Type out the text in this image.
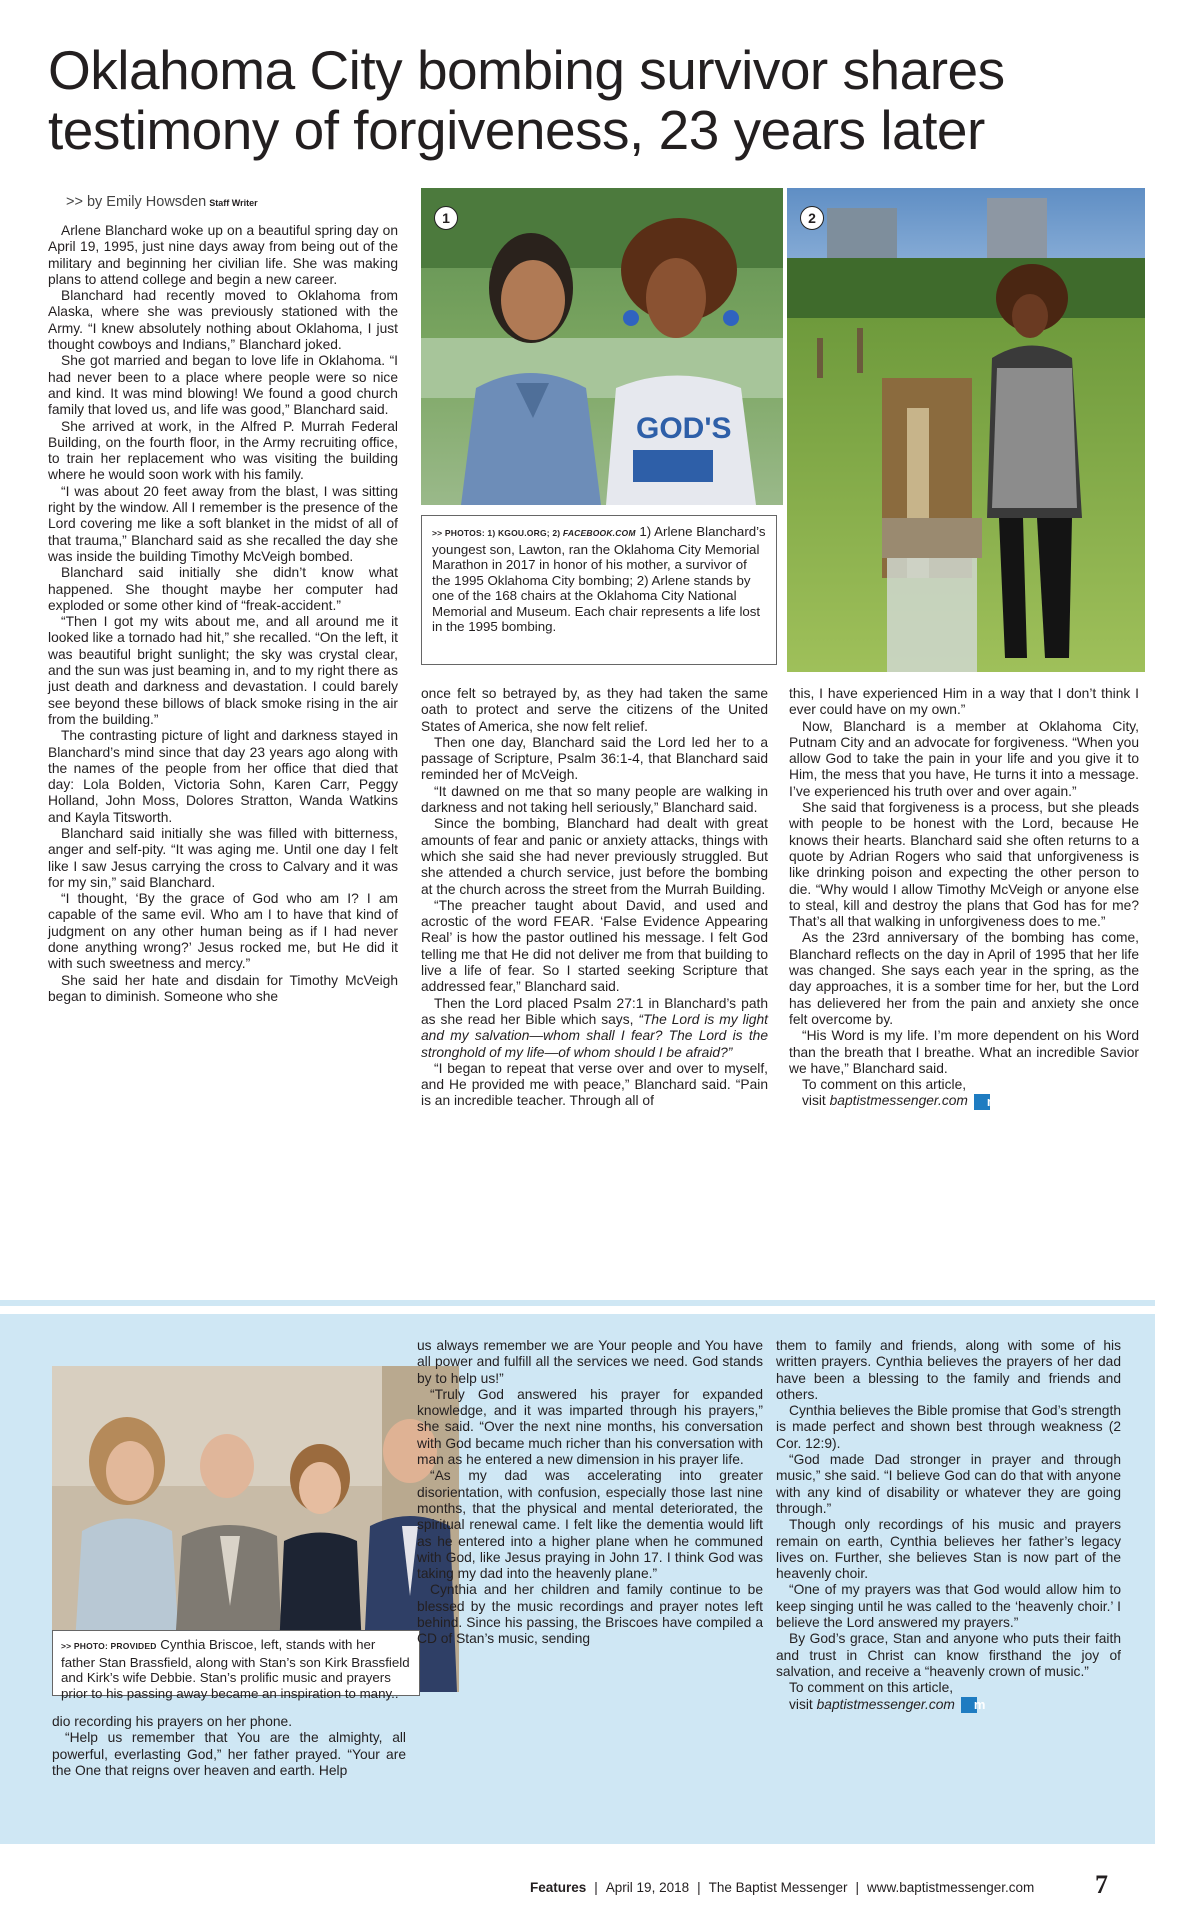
Oklahoma City bombing survivor shares testimony of forgiveness, 23 years later
>> by Emily Howsden Staff Writer
GOD'S
1	2
>> PHOTOS: 1) KGOU.ORG; 2) FACEBOOK.COM 1) Arlene Blanchard’s youngest son, Lawton, ran the Oklahoma City Memorial Marathon in 2017 in honor of his mother, a survivor of the 1995 Oklahoma City bombing; 2) Arlene stands by one of the 168 chairs at the Oklahoma City National Memorial and Museum. Each chair represents a life lost in the 1995 bombing.

Arlene Blanchard woke up on a beautiful spring day on April 19, 1995, just nine days away from being out of the military and beginning her civilian life. She was making plans to attend college and begin a new career.

Blanchard had recently moved to Oklahoma from Alaska, where she was previously stationed with the Army. “I knew absolutely nothing about Oklahoma, I just thought cowboys and Indians,” Blanchard joked.

She got married and began to love life in Oklahoma. “I had never been to a place where people were so nice and kind. It was mind blowing! We found a good church family that loved us, and life was good,” Blanchard said.

She arrived at work, in the Alfred P. Murrah Federal Building, on the fourth floor, in the Army recruiting office, to train her replacement who was visiting the building where he would soon work with his family.

“I was about 20 feet away from the blast, I was sitting right by the window. All I remember is the presence of the Lord covering me like a soft blanket in the midst of all of that trauma,” Blanchard said as she recalled the day she was inside the building Timothy McVeigh bombed.

Blanchard said initially she didn’t know what happened. She thought maybe her computer had exploded or some other kind of “freak-accident.”

“Then I got my wits about me, and all around me it looked like a tornado had hit,” she recalled. “On the left, it was beautiful bright sunlight; the sky was crystal clear, and the sun was just beaming in, and to my right there as just death and darkness and devastation. I could barely see beyond these billows of black smoke rising in the air from the building.”

The contrasting picture of light and darkness stayed in Blanchard’s mind since that day 23 years ago along with the names of the people from her office that died that day: Lola Bolden, Victoria Sohn, Karen Carr, Peggy Holland, John Moss, Dolores Stratton, Wanda Watkins and Kayla Titsworth.

Blanchard said initially she was filled with bitterness, anger and self-pity. “It was aging me. Until one day I felt like I saw Jesus carrying the cross to Calvary and it was for my sin,” said Blanchard.

“I thought, ‘By the grace of God who am I? I am capable of the same evil. Who am I to have that kind of judgment on any other human being as if I had never done anything wrong?’ Jesus rocked me, but He did it with such sweetness and mercy.”

She said her hate and disdain for Timothy McVeigh began to diminish. Someone who she

once felt so betrayed by, as they had taken the same oath to protect and serve the citizens of the United States of America, she now felt relief.

Then one day, Blanchard said the Lord led her to a passage of Scripture, Psalm 36:1-4, that Blanchard said reminded her of McVeigh.

“It dawned on me that so many people are walking in darkness and not taking hell seriously,” Blanchard said.

Since the bombing, Blanchard had dealt with great amounts of fear and panic or anxiety attacks, things with which she said she had never previously struggled. But she attended a church service, just before the bombing at the church across the street from the Murrah Building.

“The preacher taught about David, and used and acrostic of the word FEAR. ‘False Evidence Appearing Real’ is how the pastor outlined his message. I felt God telling me that He did not deliver me from that building to live a life of fear. So I started seeking Scripture that addressed fear,” Blanchard said.

Then the Lord placed Psalm 27:1 in Blanchard’s path as she read her Bible which says, “The Lord is my light and my salvation—whom shall I fear? The Lord is the stronghold of my life—of whom should I be afraid?”

“I began to repeat that verse over and over to myself, and He provided me with peace,” Blanchard said. “Pain is an incredible teacher. Through all of

this, I have experienced Him in a way that I don’t think I ever could have on my own.”

Now, Blanchard is a member at Oklahoma City, Putnam City and an advocate for forgiveness. “When you allow God to take the pain in your life and you give it to Him, the mess that you have, He turns it into a message. I’ve experienced his truth over and over again.”

She said that forgiveness is a process, but she pleads with people to be honest with the Lord, because He knows their hearts. Blanchard said she often returns to a quote by Adrian Rogers who said that unforgiveness is like drinking poison and expecting the other person to die. “Why would I allow Timothy McVeigh or anyone else to steal, kill and destroy the plans that God has for me? That’s all that walking in unforgiveness does to me.”

As the 23rd anniversary of the bombing has come, Blanchard reflects on the day in April of 1995 that her life was changed. She says each year in the spring, as the day approaches, it is a somber time for her, but the Lord has delievered her from the pain and anxiety she once felt overcome by.

“His Word is my life. I’m more dependent on his Word than the breath that I breathe. What an incredible Savior we have,” Blanchard said.

To comment on this article,

visit baptistmessenger.com m

>> PHOTO: PROVIDED Cynthia Briscoe, left, stands with her father Stan Brassfield, along with Stan’s son Kirk Brassfield and Kirk’s wife Debbie. Stan’s prolific music and prayers prior to his passing away became an inspiration to many..

dio recording his prayers on her phone.

“Help us remember that You are the almighty, all powerful, everlasting God,” her father prayed. “Your are the One that reigns over heaven and earth. Help

us always remember we are Your people and You have all power and fulfill all the services we need. God stands by to help us!”

“Truly God answered his prayer for expanded knowledge, and it was imparted through his prayers,” she said. “Over the next nine months, his conversation with God became much richer than his conversation with man as he entered a new dimension in his prayer life.

“As my dad was accelerating into greater disorientation, with confusion, especially those last nine months, that the physical and mental deteriorated, the spiritual renewal came. I felt like the dementia would lift as he entered into a higher plane when he communed with God, like Jesus praying in John 17. I think God was taking my dad into the heavenly plane.”

Cynthia and her children and family continue to be blessed by the music recordings and prayer notes left behind. Since his passing, the Briscoes have compiled a CD of Stan’s music, sending

them to family and friends, along with some of his written prayers. Cynthia believes the prayers of her dad have been a blessing to the family and friends and others.

Cynthia believes the Bible promise that God’s strength is made perfect and shown best through weakness (2 Cor. 12:9).

“God made Dad stronger in prayer and through music,” she said. “I believe God can do that with anyone with any kind of disability or whatever they are going through.”

Though only recordings of his music and prayers remain on earth, Cynthia believes her father’s legacy lives on. Further, she believes Stan is now part of the heavenly choir.

“One of my prayers was that God would allow him to keep singing until he was called to the ‘heavenly choir.’ I believe the Lord answered my prayers.”

By God’s grace, Stan and anyone who puts their faith and trust in Christ can know firsthand the joy of salvation, and receive a “heavenly crown of music.”

To comment on this article,

visit baptistmessenger.com m

Features | April 19, 2018 | The Baptist Messenger | www.baptistmessenger.com 7
